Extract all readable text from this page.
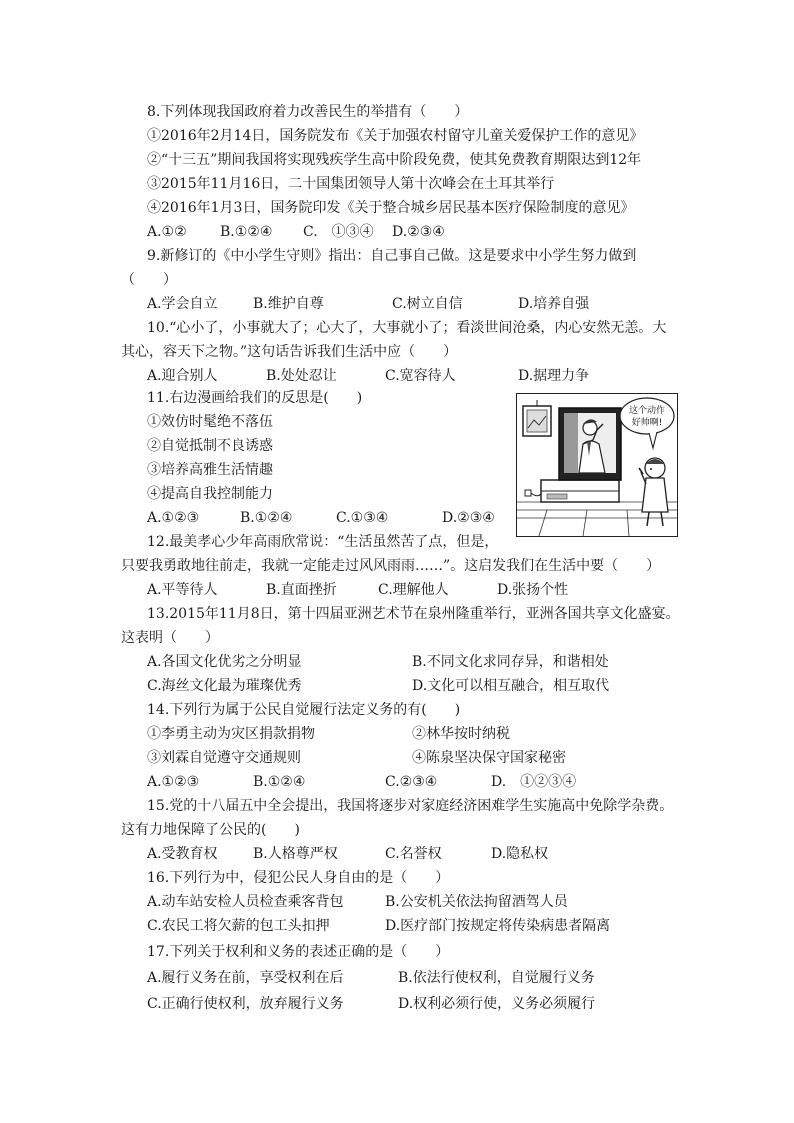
8.下列体现我国政府着力改善民生的举措有（　　）
①2016年2月14日，国务院发布《关于加强农村留守儿童关爱保护工作的意见》
②“十三五”期间我国将实现残疾学生高中阶段免费，使其免费教育期限达到12年
③2015年11月16日，二十国集团领导人第十次峰会在土耳其举行
④2016年1月3日，国务院印发《关于整合城乡居民基本医疗保险制度的意见》
A.①② B.①②④ C.　①③④ D.②③④
9.新修订的《中小学生守则》指出：自己事自己做。这是要求中小学生努力做到
（　　）
A.学会自立	B.维护自尊	C.树立自信	D.培养自强
10.“心小了，小事就大了；心大了，大事就小了；看淡世间沧桑，内心安然无恙。大
其心，容天下之物。”这句话告诉我们生活中应（　　）
A.迎合别人	B.处处忍让	C.宽容待人	D.据理力争
11.右边漫画给我们的反思是(　　)
①效仿时髦绝不落伍
②自觉抵制不良诱惑
③培养高雅生活情趣
④提高自我控制能力
A.①②③	B.①②④	C.①③④	D.②③④
这个动作
好帅啊!
12.最美孝心少年高雨欣常说：“生活虽然苦了点，但是，
只要我勇敢地往前走，我就一定能走过风风雨雨……”。这启发我们在生活中要（　　）
A.平等待人	B.直面挫折	C.理解他人	D.张扬个性
13.2015年11月8日，第十四届亚洲艺术节在泉州隆重举行，亚洲各国共享文化盛宴。
这表明（　　）
A.各国文化优劣之分明显	B.不同文化求同存异，和谐相处
C.海丝文化最为璀璨优秀	D.文化可以相互融合，相互取代
14.下列行为属于公民自觉履行法定义务的有(　　)
①李勇主动为灾区捐款捐物	②林华按时纳税
③刘霖自觉遵守交通规则	④陈泉坚决保守国家秘密
A.①②③	B.①②④	C.②③④	D.　①②③④
15.党的十八届五中全会提出，我国将逐步对家庭经济困难学生实施高中免除学杂费。
这有力地保障了公民的(　　)
A.受教育权	B.人格尊严权	C.名誉权	D.隐私权
16.下列行为中，侵犯公民人身自由的是（　　）
A.动车站安检人员检查乘客背包	B.公安机关依法拘留酒驾人员
C.农民工将欠薪的包工头扣押	D.医疗部门按规定将传染病患者隔离
17.下列关于权利和义务的表述正确的是（　　）
A.履行义务在前，享受权利在后	B.依法行使权利，自觉履行义务
C.正确行使权利，放弃履行义务	D.权利必须行使，义务必须履行
